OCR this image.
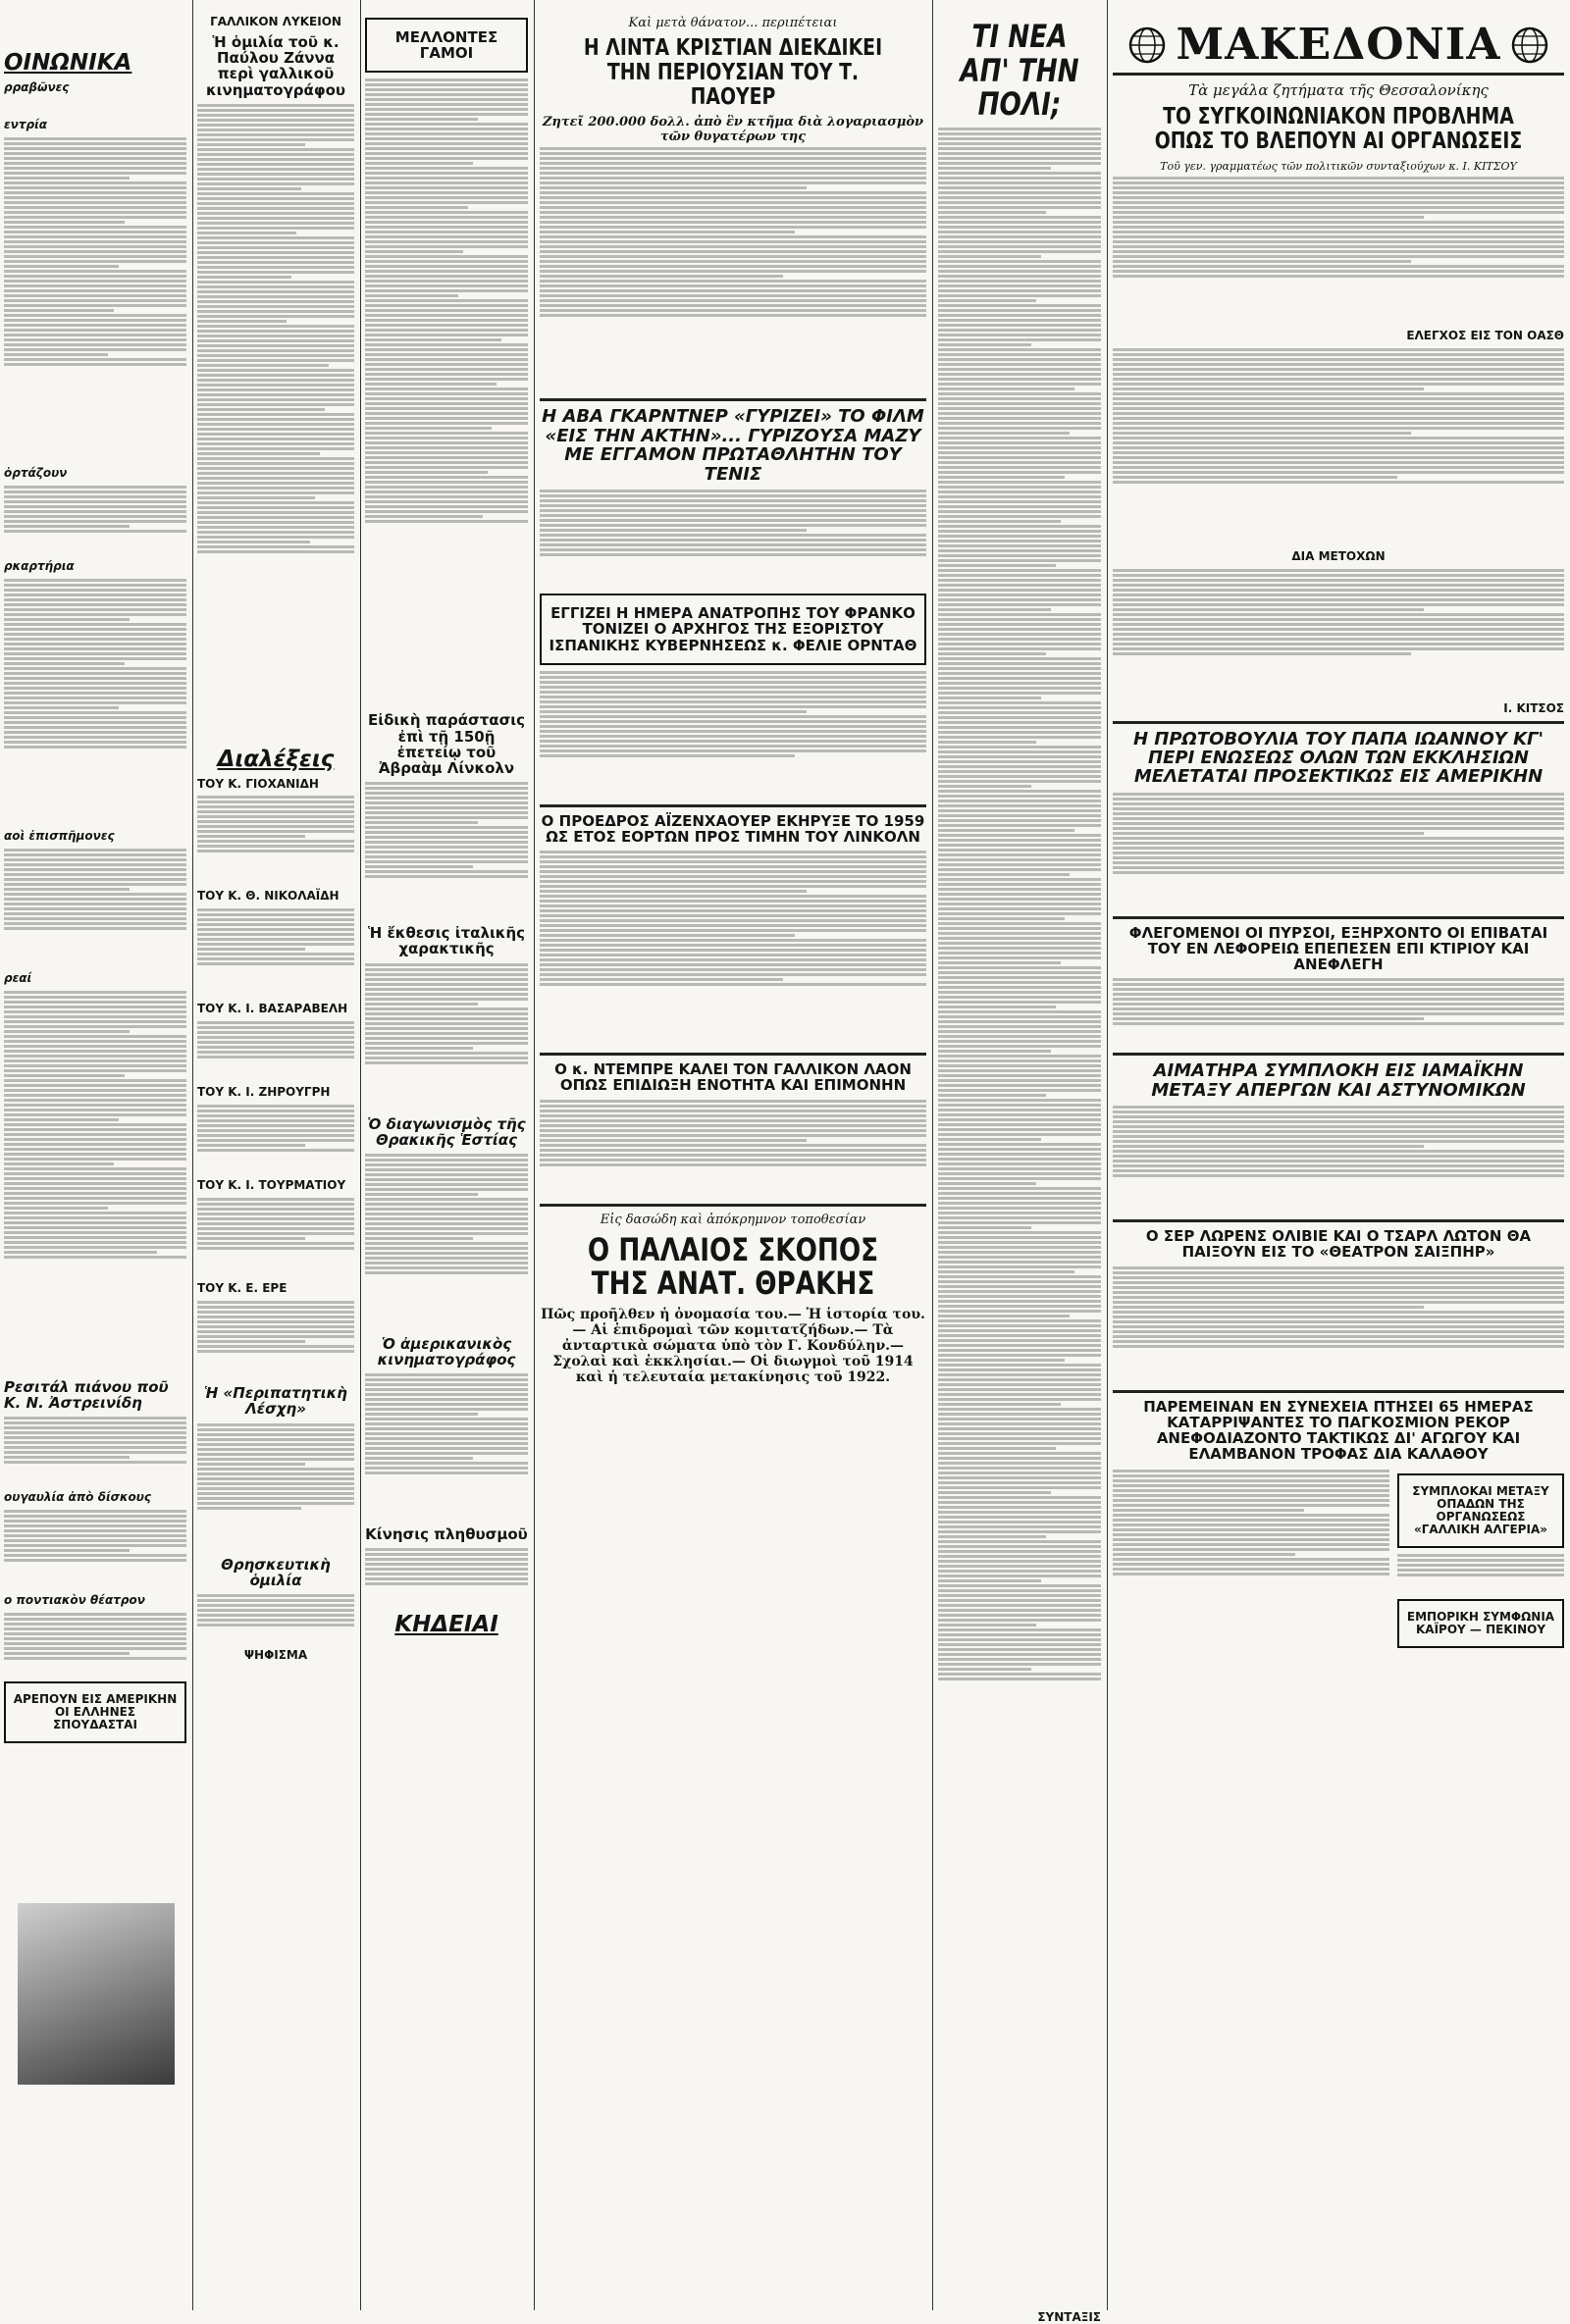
ΟΙΝΩΝΙΚΑ
ρραβῶνες

εντρία
ὁρτάζουν
ρκαρτήρια
αοὶ ἐπισπῆμονες
ρεαί
Ρεσιτάλ πιάνου ποῦ Κ. Ν. Ἀστρεινίδη
ουγαυλία ἀπὸ δίσκους
ο ποντιακὸν θέατρον
ΑΡΕΠΟΥΝ ΕΙΣ ΑΜΕΡΙΚΗΝ ΟΙ ΕΛΛΗΝΕΣ ΣΠΟΥΔΑΣΤΑΙ
ΓΑΛΛΙΚΟΝ ΛΥΚΕΙΟΝ
Ἡ ὁμιλία τοῦ κ. Παύλου Ζάννα περὶ γαλλικοῦ κινηματογράφου
Διαλέξεις
ΤΟΥ Κ. ΓΙΟΧΑΝΙΔΗ
ΤΟΥ Κ. Θ. ΝΙΚΟΛΑΪΔΗ
ΤΟΥ Κ. Ι. ΒΑΣΑΡΑΒΕΛΗ
ΤΟΥ Κ. Ι. ΖΗΡΟΥΓΡΗ
ΤΟΥ Κ. Ι. ΤΟΥΡΜΑΤΙΟΥ
ΤΟΥ Κ. Ε. ΕΡΕ
Ἡ «Περιπατητικὴ Λέσχη»
Θρησκευτικὴ ὁμιλία
ΨΗΦΙΣΜΑ
ΜΕΛΛΟΝΤΕΣ ΓΑΜΟΙ
Εἰδικὴ παράστασις ἐπὶ τῇ 150ῇ ἐπετείῳ τοῦ Ἀβραὰμ Λίνκολν
Ἡ ἔκθεσις ἰταλικῆς χαρακτικῆς
Ὁ διαγωνισμὸς τῆς Θρακικῆς Ἑστίας
Ὁ ἀμερικανικὸς κινηματογράφος
Κίνησις πληθυσμοῦ
ΚΗΔΕΙΑΙ
Καὶ μετὰ θάνατον... περιπέτειαι
Η ΛΙΝΤΑ ΚΡΙΣΤΙΑΝ ΔΙΕΚΔΙΚΕΙ ΤΗΝ ΠΕΡΙΟΥΣΙΑΝ ΤΟΥ Τ. ΠΑΟΥΕΡ
Ζητεῖ 200.000 δολλ. ἀπὸ ἓν κτῆμα διὰ λογαριασμὸν τῶν θυγατέρων της
Η ΑΒΑ ΓΚΑΡΝΤΝΕΡ «ΓΥΡΙΖΕΙ» ΤΟ ΦΙΛΜ «ΕΙΣ ΤΗΝ ΑΚΤΗΝ»... ΓΥΡΙΖΟΥΣΑ ΜΑΖΥ ΜΕ ΕΓΓΑΜΟΝ ΠΡΩΤΑΘΛΗΤΗΝ ΤΟΥ ΤΕΝΙΣ
ΕΓΓΙΖΕΙ Η ΗΜΕΡΑ ΑΝΑΤΡΟΠΗΣ ΤΟΥ ΦΡΑΝΚΟ ΤΟΝΙΖΕΙ Ο ΑΡΧΗΓΟΣ ΤΗΣ ΕΞΟΡΙΣΤΟΥ ΙΣΠΑΝΙΚΗΣ ΚΥΒΕΡΝΗΣΕΩΣ κ. ΦΕΛΙΕ ΟΡΝΤΑΘ
Ο ΠΡΟΕΔΡΟΣ ΑΪΖΕΝΧΑΟΥΕΡ ΕΚΗΡΥΞΕ ΤΟ 1959 ΩΣ ΕΤΟΣ ΕΟΡΤΩΝ ΠΡΟΣ ΤΙΜΗΝ ΤΟΥ ΛΙΝΚΟΛΝ
Ο κ. ΝΤΕΜΠΡΕ ΚΑΛΕΙ ΤΟΝ ΓΑΛΛΙΚΟΝ ΛΑΟΝ ΟΠΩΣ ΕΠΙΔΙΩΞΗ ΕΝΟΤΗΤΑ ΚΑΙ ΕΠΙΜΟΝΗΝ
Εἰς δασώδη καὶ ἀπόκρημνον τοποθεσίαν
Ο ΠΑΛΑΙΟΣ ΣΚΟΠΟΣ ΤΗΣ ΑΝΑΤ. ΘΡΑΚΗΣ
Πῶς προῆλθεν ἡ ὀνομασία του.— Ἡ ἱστορία του.— Αἱ ἐπιδρομαὶ τῶν κομιτατζήδων.— Τὰ ἀνταρτικὰ σώματα ὑπὸ τὸν Γ. Κονδύλην.— Σχολαὶ καὶ ἐκκλησίαι.— Οἱ διωγμοὶ τοῦ 1914 καὶ ἡ τελευταία μετακίνησις τοῦ 1922.
ΤΙ ΝΕΑ ΑΠ' ΤΗΝ ΠΟΛΙ;
ΣΥΝΤΑΞΙΣ
ΜΑΚΕΔΟΝΙΑ
Τὰ μεγάλα ζητήματα τῆς Θεσσαλονίκης
ΤΟ ΣΥΓΚΟΙΝΩΝΙΑΚΟΝ ΠΡΟΒΛΗΜΑ ΟΠΩΣ ΤΟ ΒΛΕΠΟΥΝ ΑΙ ΟΡΓΑΝΩΣΕΙΣ
Τοῦ γεν. γραμματέως τῶν πολιτικῶν συνταξιούχων κ. Ι. ΚΙΤΣΟΥ
ΕΛΕΓΧΟΣ ΕΙΣ ΤΟΝ ΟΑΣΘ
ΔΙΑ ΜΕΤΟΧΩΝ
Ι. ΚΙΤΣΟΣ
Η ΠΡΩΤΟΒΟΥΛΙΑ ΤΟΥ ΠΑΠΑ ΙΩΑΝΝΟΥ ΚΓ' ΠΕΡΙ ΕΝΩΣΕΩΣ ΟΛΩΝ ΤΩΝ ΕΚΚΛΗΣΙΩΝ ΜΕΛΕΤΑΤΑΙ ΠΡΟΣΕΚΤΙΚΩΣ ΕΙΣ ΑΜΕΡΙΚΗΝ
ΦΛΕΓΟΜΕΝΟΙ ΟΙ ΠΥΡΣΟΙ, ΕΞΗΡΧΟΝΤΟ ΟΙ ΕΠΙΒΑΤΑΙ ΤΟΥ ΕΝ ΛΕΦΟΡΕΙΩ ΕΠΕΠΕΣΕΝ ΕΠΙ ΚΤΙΡΙΟΥ ΚΑΙ ΑΝΕΦΛΕΓΗ
ΑΙΜΑΤΗΡΑ ΣΥΜΠΛΟΚΗ ΕΙΣ ΙΑΜΑΪΚΗΝ ΜΕΤΑΞΥ ΑΠΕΡΓΩΝ ΚΑΙ ΑΣΤΥΝΟΜΙΚΩΝ
Ο ΣΕΡ ΛΩΡΕΝΣ ΟΛΙΒΙΕ ΚΑΙ Ο ΤΣΑΡΛ ΛΩΤΟΝ ΘΑ ΠΑΙΞΟΥΝ ΕΙΣ ΤΟ «ΘΕΑΤΡΟΝ ΣΑΙΞΠΗΡ»
ΠΑΡΕΜΕΙΝΑΝ ΕΝ ΣΥΝΕΧΕΙΑ ΠΤΗΣΕΙ 65 ΗΜΕΡΑΣ ΚΑΤΑΡΡΙΨΑΝΤΕΣ ΤΟ ΠΑΓΚΟΣΜΙΟΝ ΡΕΚΟΡ ΑΝΕΦΟΔΙΑΖΟΝΤΟ ΤΑΚΤΙΚΩΣ ΔΙ' ΑΓΩΓΟΥ ΚΑΙ ΕΛΑΜΒΑΝΟΝ ΤΡΟΦΑΣ ΔΙΑ ΚΑΛΑΘΟΥ
ΣΥΜΠΛΟΚΑΙ ΜΕΤΑΞΥ ΟΠΑΔΩΝ ΤΗΣ ΟΡΓΑΝΩΣΕΩΣ «ΓΑΛΛΙΚΗ ΑΛΓΕΡΙΑ»
ΕΜΠΟΡΙΚΗ ΣΥΜΦΩΝΙΑ ΚΑΪΡΟΥ — ΠΕΚΙΝΟΥ
